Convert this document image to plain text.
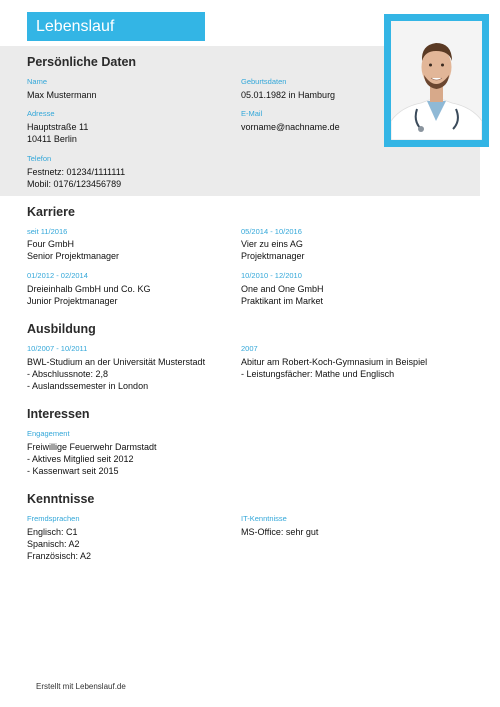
Lebenslauf
Persönliche Daten
Name
Max Mustermann
Geburtsdaten
05.01.1982 in Hamburg
Adresse
Hauptstraße 11
10411 Berlin
E-Mail
vorname@nachname.de
Telefon
Festnetz: 01234/1111111
Mobil: 0176/123456789
Karriere
seit 11/2016
Four GmbH
Senior Projektmanager
05/2014 - 10/2016
Vier zu eins AG
Projektmanager
01/2012 - 02/2014
Dreieinhalb GmbH und Co. KG
Junior Projektmanager
10/2010 - 12/2010
One and One GmbH
Praktikant im Market
Ausbildung
10/2007 - 10/2011
BWL-Studium an der Universität Musterstadt
- Abschlussnote: 2,8
- Auslandssemester in London
2007
Abitur am Robert-Koch-Gymnasium in Beispiel
- Leistungsfächer: Mathe und Englisch
Interessen
Engagement
Freiwillige Feuerwehr Darmstadt
- Aktives Mitglied seit 2012
- Kassenwart seit 2015
Kenntnisse
Fremdsprachen
Englisch: C1
Spanisch: A2
Französisch: A2
IT-Kenntnisse
MS-Office: sehr gut
Erstellt mit Lebenslauf.de
